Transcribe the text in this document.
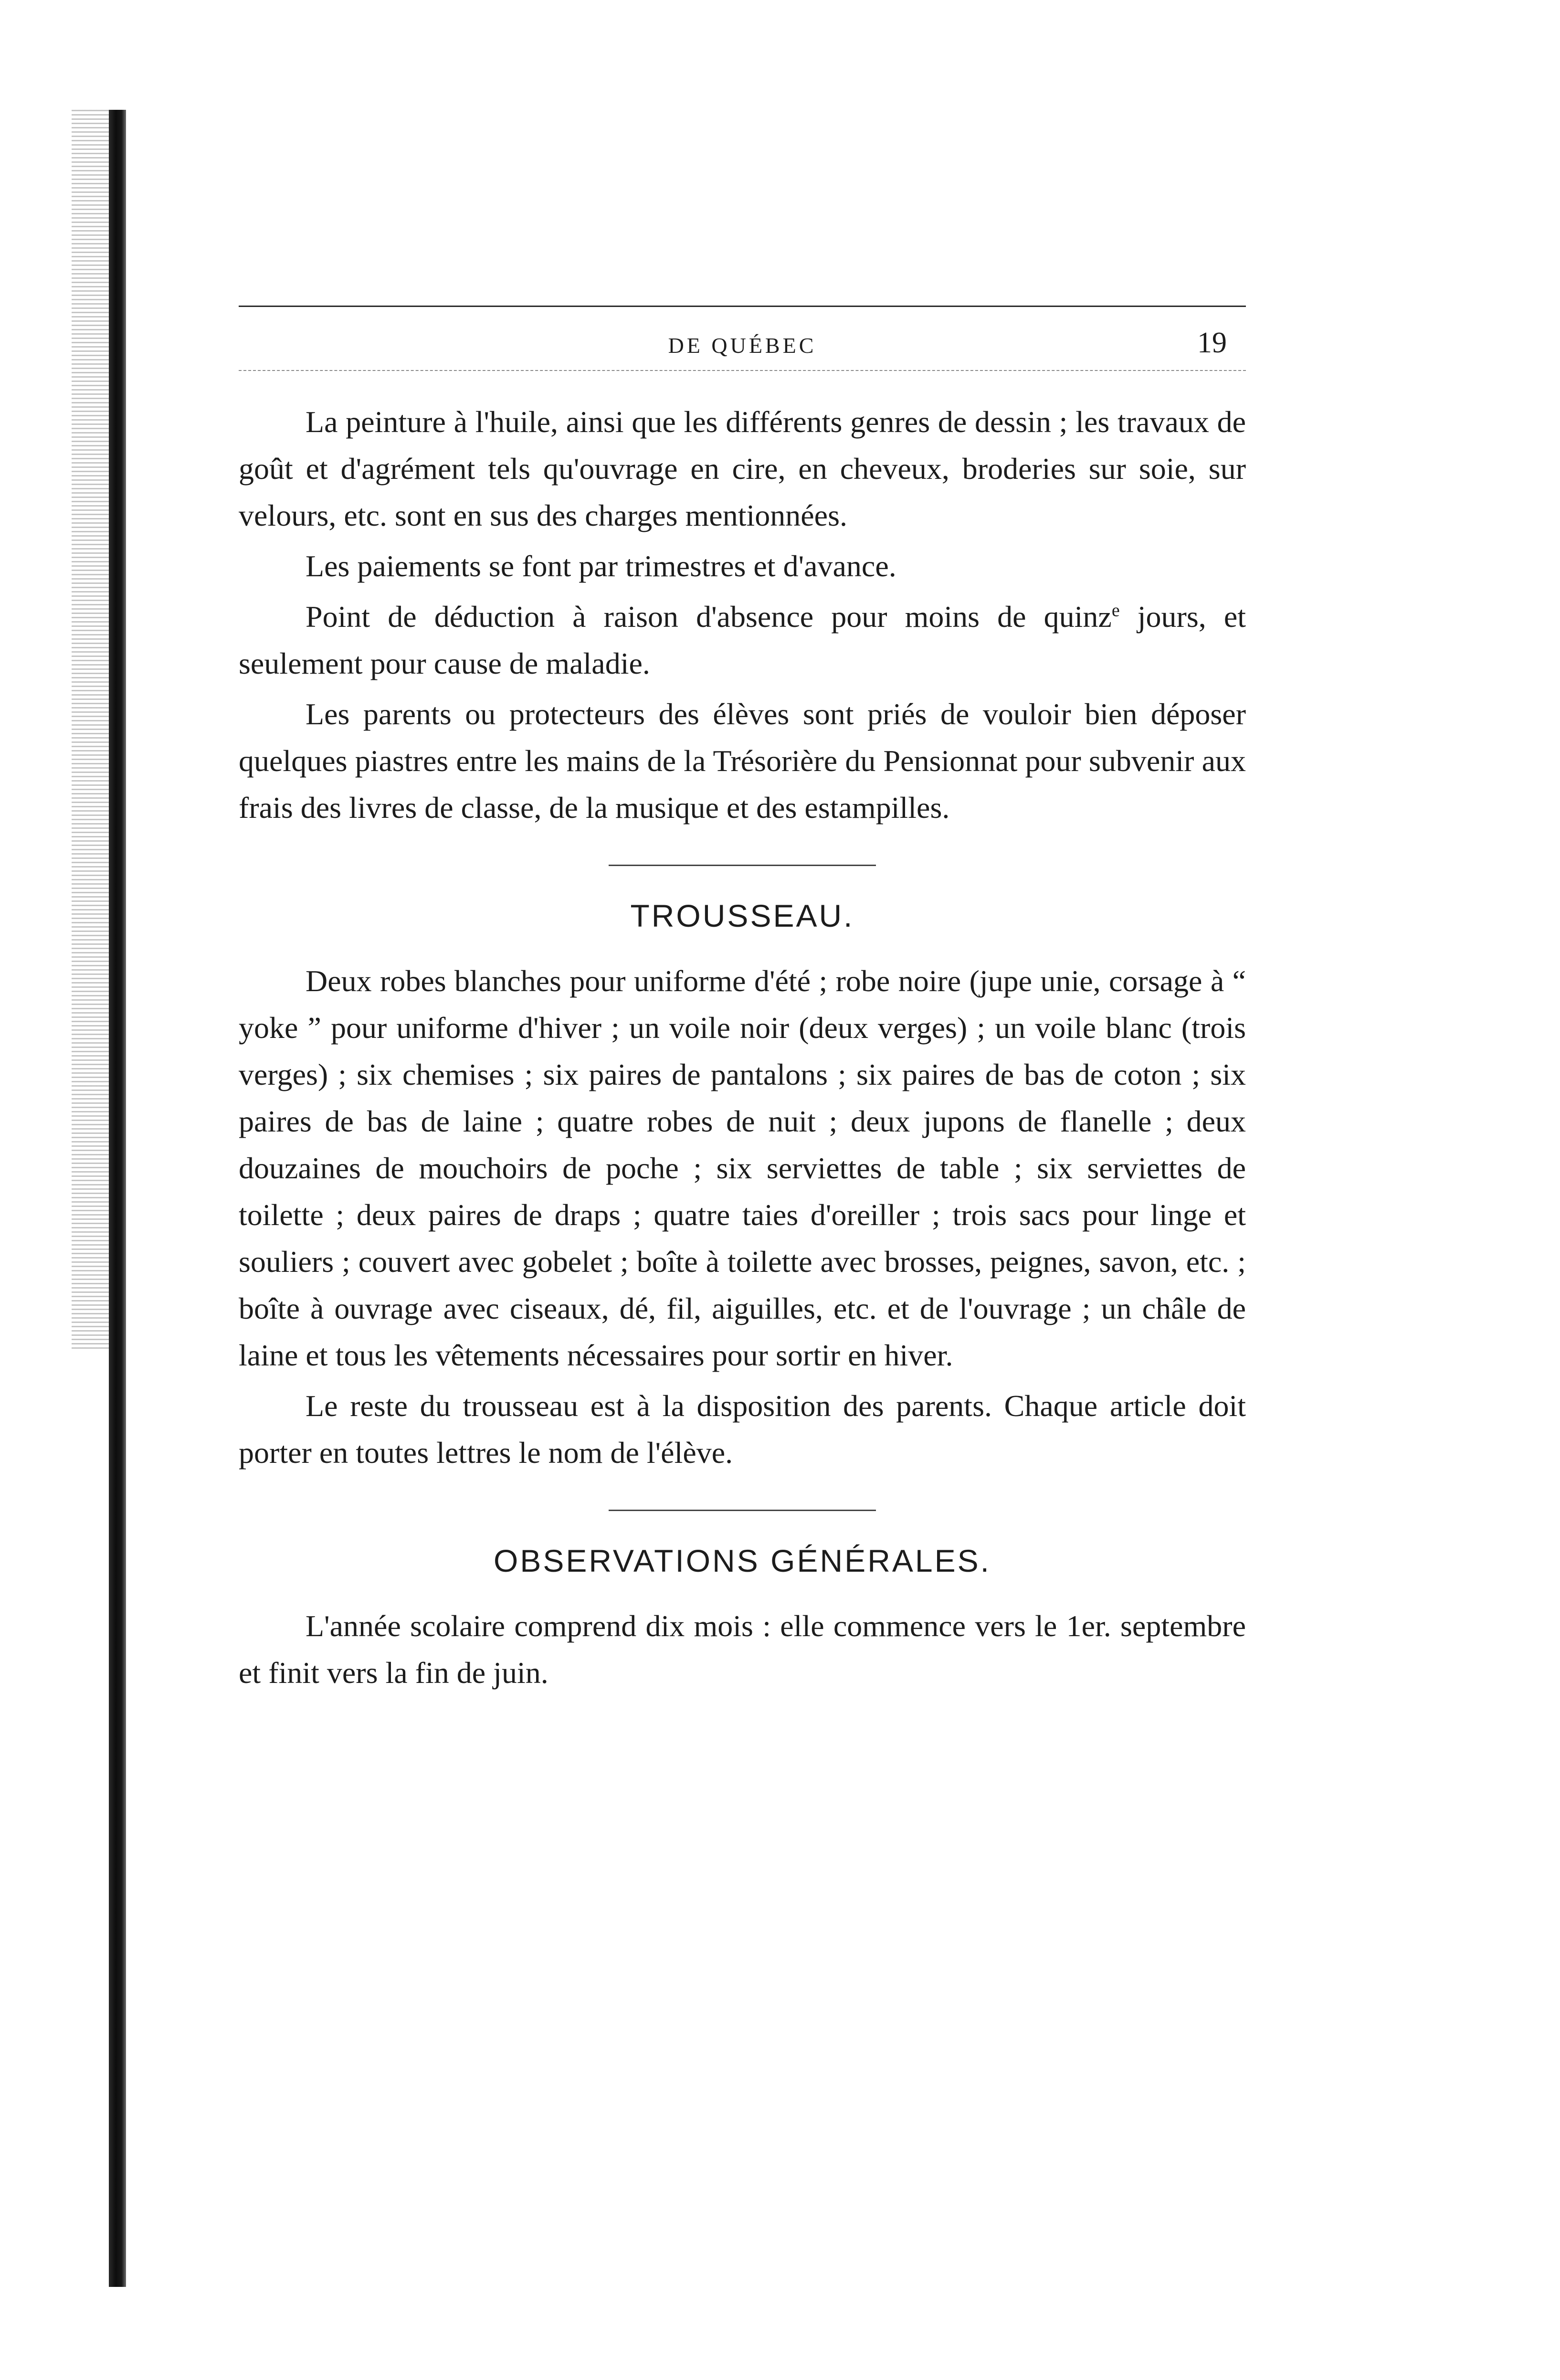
DE QUÉBEC	19

La peinture à l'huile, ainsi que les différents genres de dessin ; les travaux de goût et d'agrément tels qu'ouvrage en cire, en cheveux, broderies sur soie, sur velours, etc. sont en sus des charges mentionnées.

Les paiements se font par trimestres et d'avance.

Point de déduction à raison d'absence pour moins de quinz$^e$ jours, et seulement pour cause de maladie.

Les parents ou protecteurs des élèves sont priés de vouloir bien déposer quelques piastres entre les mains de la Trésorière du Pensionnat pour subvenir aux frais des livres de classe, de la musique et des estampilles.

TROUSSEAU.

Deux robes blanches pour uniforme d'été ; robe noire (jupe unie, corsage à “ yoke ” pour uniforme d'hiver ; un voile noir (deux verges) ; un voile blanc (trois verges) ; six chemises ; six paires de pantalons ; six paires de bas de coton ; six paires de bas de laine ; quatre robes de nuit ; deux jupons de flanelle ; deux douzaines de mouchoirs de poche ; six serviettes de table ; six serviettes de toilette ; deux paires de draps ; quatre taies d'oreiller ; trois sacs pour linge et souliers ; couvert avec gobelet ; boîte à toilette avec brosses, peignes, savon, etc. ; boîte à ouvrage avec ciseaux, dé, fil, aiguilles, etc. et de l'ouvrage ; un châle de laine et tous les vêtements nécessaires pour sortir en hiver.

Le reste du trousseau est à la disposition des parents. Chaque article doit porter en toutes lettres le nom de l'élève.

OBSERVATIONS GÉNÉRALES.

L'année scolaire comprend dix mois : elle commence vers le 1er. septembre et finit vers la fin de juin.
